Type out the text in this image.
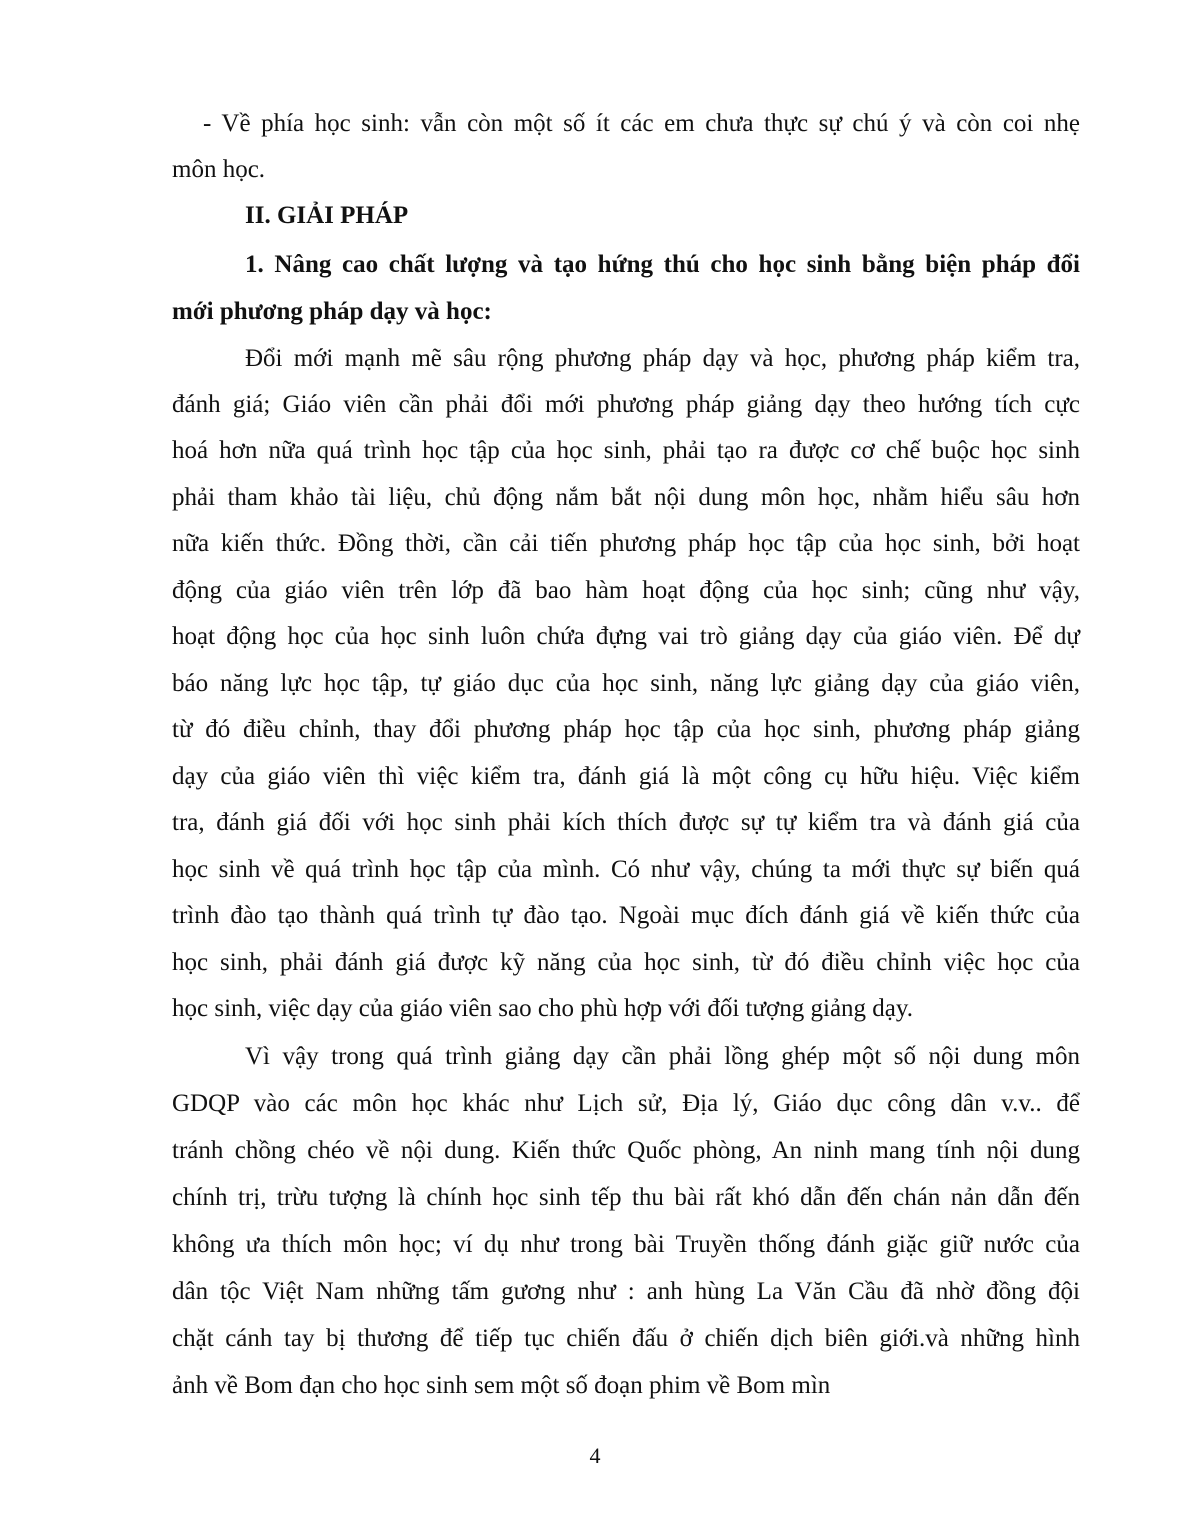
- Về phía học sinh: vẫn còn một số ít các em chưa thực sự chú ý và còn coi nhẹ
môn học.
II. GIẢI PHÁP
1. Nâng cao chất lượng và tạo hứng thú cho học sinh bằng biện pháp đổi
mới phương pháp dạy và học:
Đổi mới mạnh mẽ sâu rộng phương pháp dạy và học, phương pháp kiểm tra,
đánh giá; Giáo viên cần phải đổi mới phương pháp giảng dạy theo hướng tích cực
hoá hơn nữa quá trình học tập của học sinh, phải tạo ra được cơ chế buộc học sinh
phải tham khảo tài liệu, chủ động nắm bắt nội dung môn học, nhằm hiểu sâu hơn
nữa kiến thức. Đồng thời, cần cải tiến phương pháp học tập của học sinh, bởi hoạt
động của giáo viên trên lớp đã bao hàm hoạt động của học sinh; cũng như vậy,
hoạt động học của học sinh luôn chứa đựng vai trò giảng dạy của giáo viên. Để dự
báo năng lực học tập, tự giáo dục của học sinh, năng lực giảng dạy của giáo viên,
từ đó điều chỉnh, thay đổi phương pháp học tập của học sinh, phương pháp giảng
dạy của giáo viên thì việc kiểm tra, đánh giá là một công cụ hữu hiệu. Việc kiểm
tra, đánh giá đối với học sinh phải kích thích được sự tự kiểm tra và đánh giá của
học sinh về quá trình học tập của mình. Có như vậy, chúng ta mới thực sự biến quá
trình đào tạo thành quá trình tự đào tạo. Ngoài mục đích đánh giá về kiến thức của
học sinh, phải đánh giá được kỹ năng của học sinh, từ đó điều chỉnh việc học của
học sinh, việc dạy của giáo viên sao cho phù hợp với đối tượng giảng dạy.
Vì vậy trong quá trình giảng dạy cần phải lồng ghép một số nội dung môn
GDQP vào các môn học khác như Lịch sử, Địa lý, Giáo dục công dân v.v.. để
tránh chồng chéo về nội dung. Kiến thức Quốc phòng, An ninh mang tính nội dung
chính trị, trừu tượng là chính học sinh tếp thu bài rất khó dẫn đến chán nản dẫn đến
không ưa thích môn học; ví dụ như trong bài Truyền thống đánh giặc giữ nước của
dân tộc Việt Nam những tấm gương như : anh hùng La Văn Cầu đã nhờ đồng đội
chặt cánh tay bị thương để tiếp tục chiến đấu ở chiến dịch biên giới.và những hình
ảnh về Bom đạn cho học sinh sem một số đoạn phim về Bom mìn
4
